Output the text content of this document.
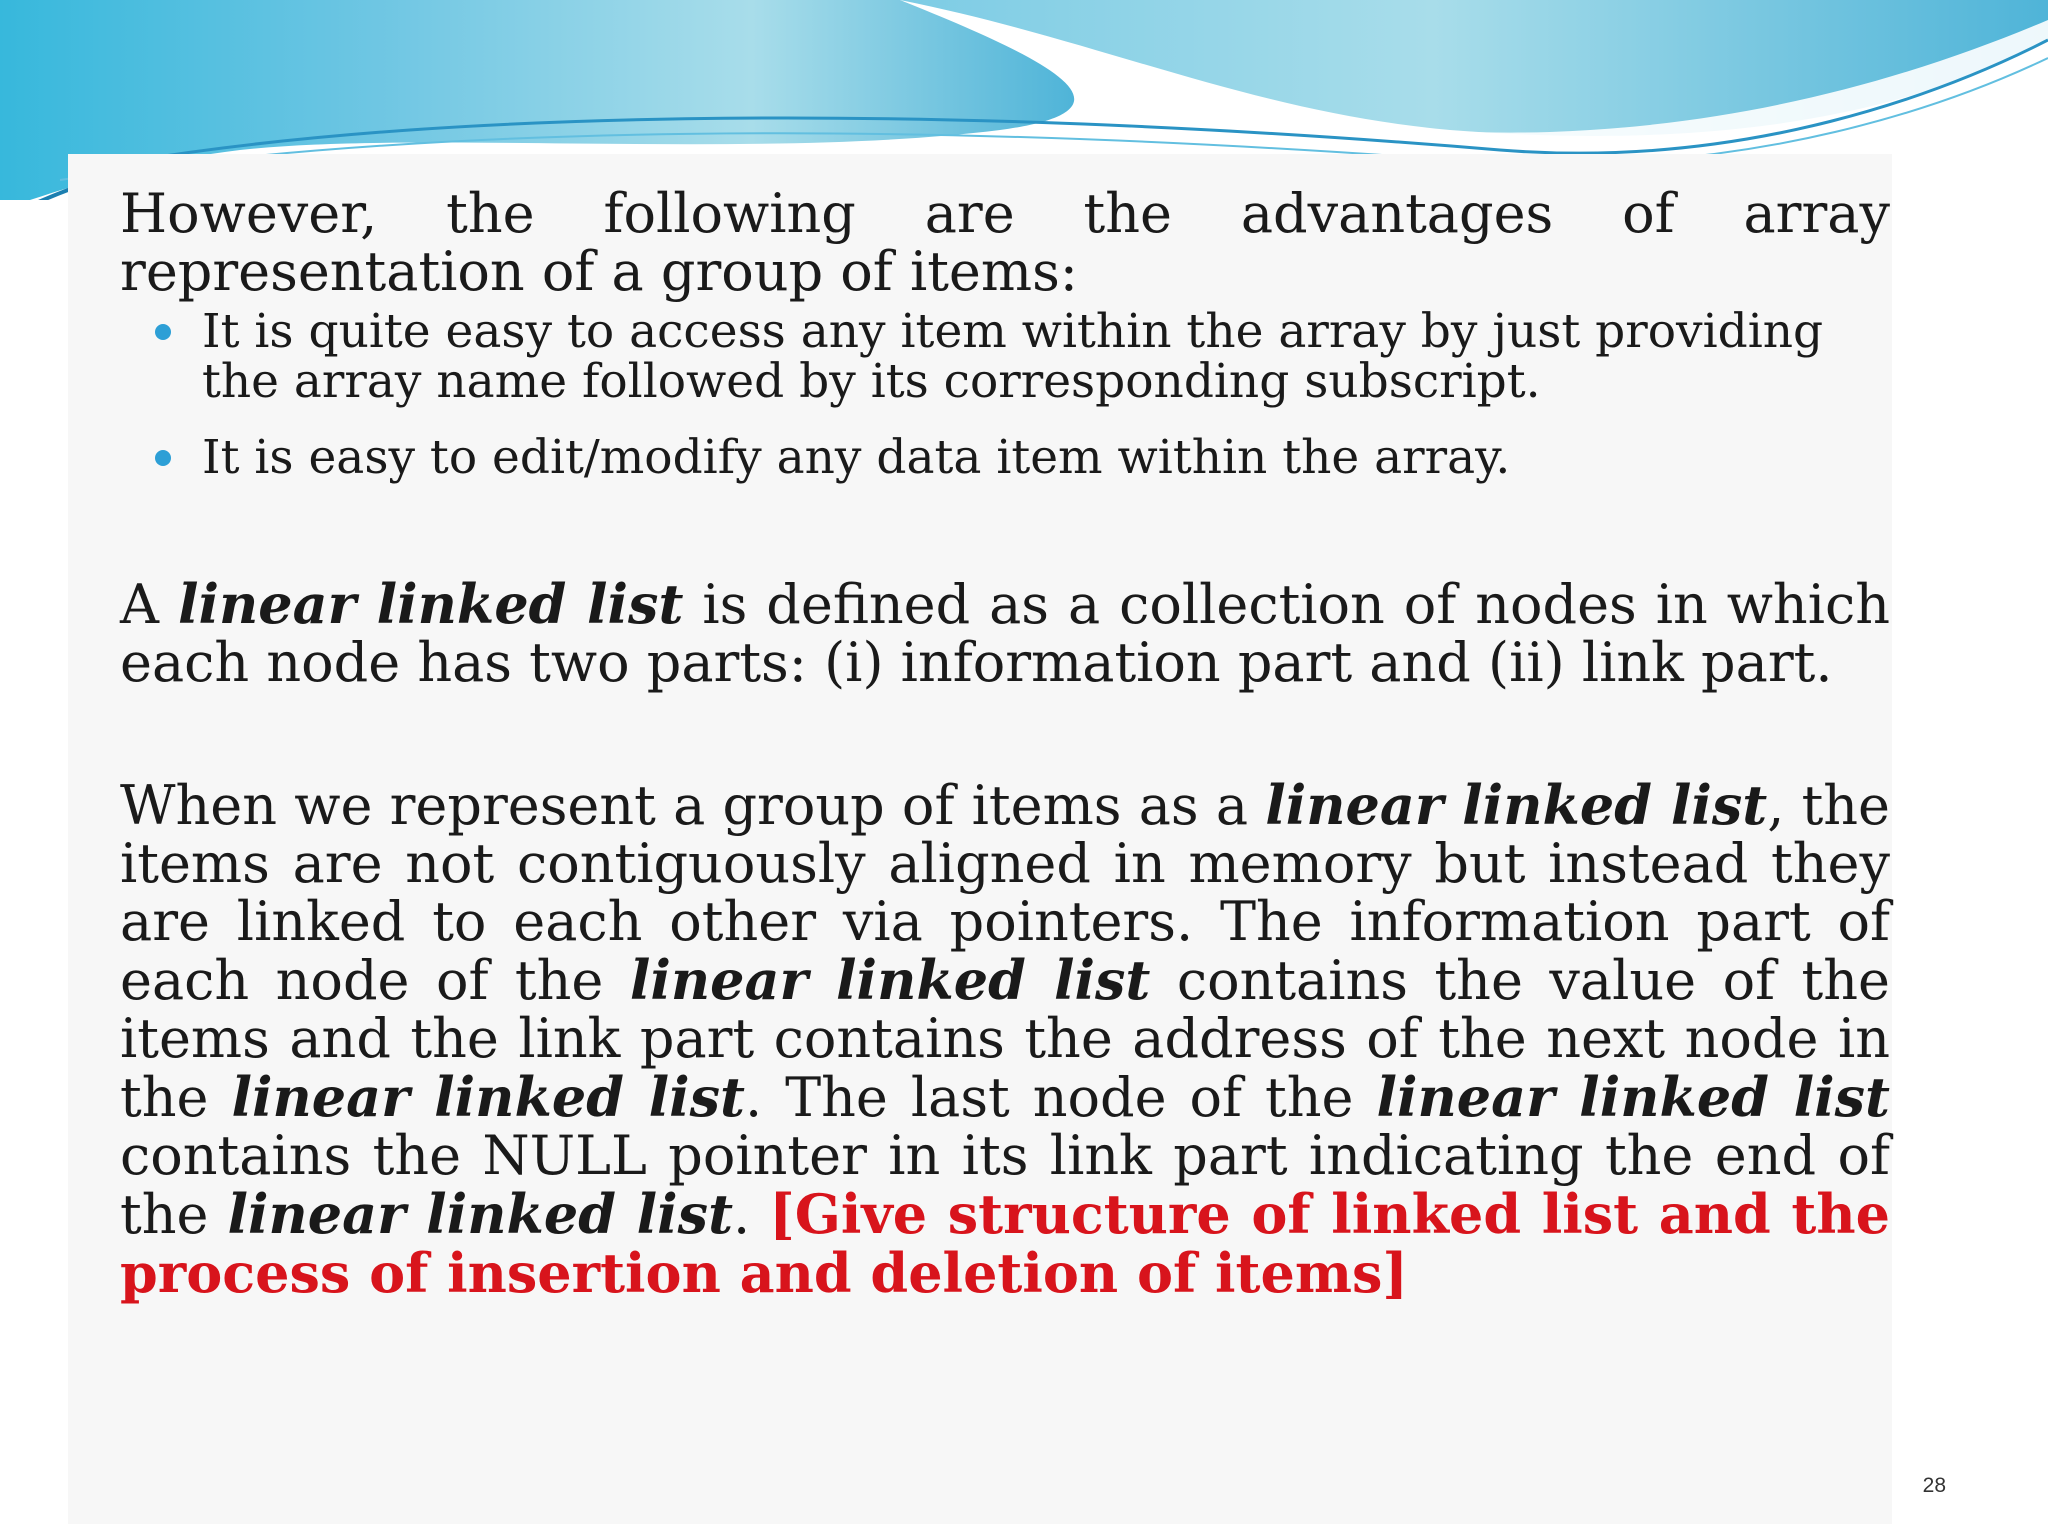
However, the following are the advantages of array representation of a group of items:

It is quite easy to access any item within the array by just providing the array name followed by its corresponding subscript.
It is easy to edit/modify any data item within the array.

A linear linked list is defined as a collection of nodes in which each node has two parts: (i) information part and (ii) link part.

When we represent a group of items as a linear linked list, the items are not contiguously aligned in memory but instead they are linked to each other via pointers. The information part of each node of the linear linked list contains the value of the items and the link part contains the address of the next node in the linear linked list. The last node of the linear linked list contains the NULL pointer in its link part indicating the end of the linear linked list. [Give structure of linked list and the process of insertion and deletion of items]

28
